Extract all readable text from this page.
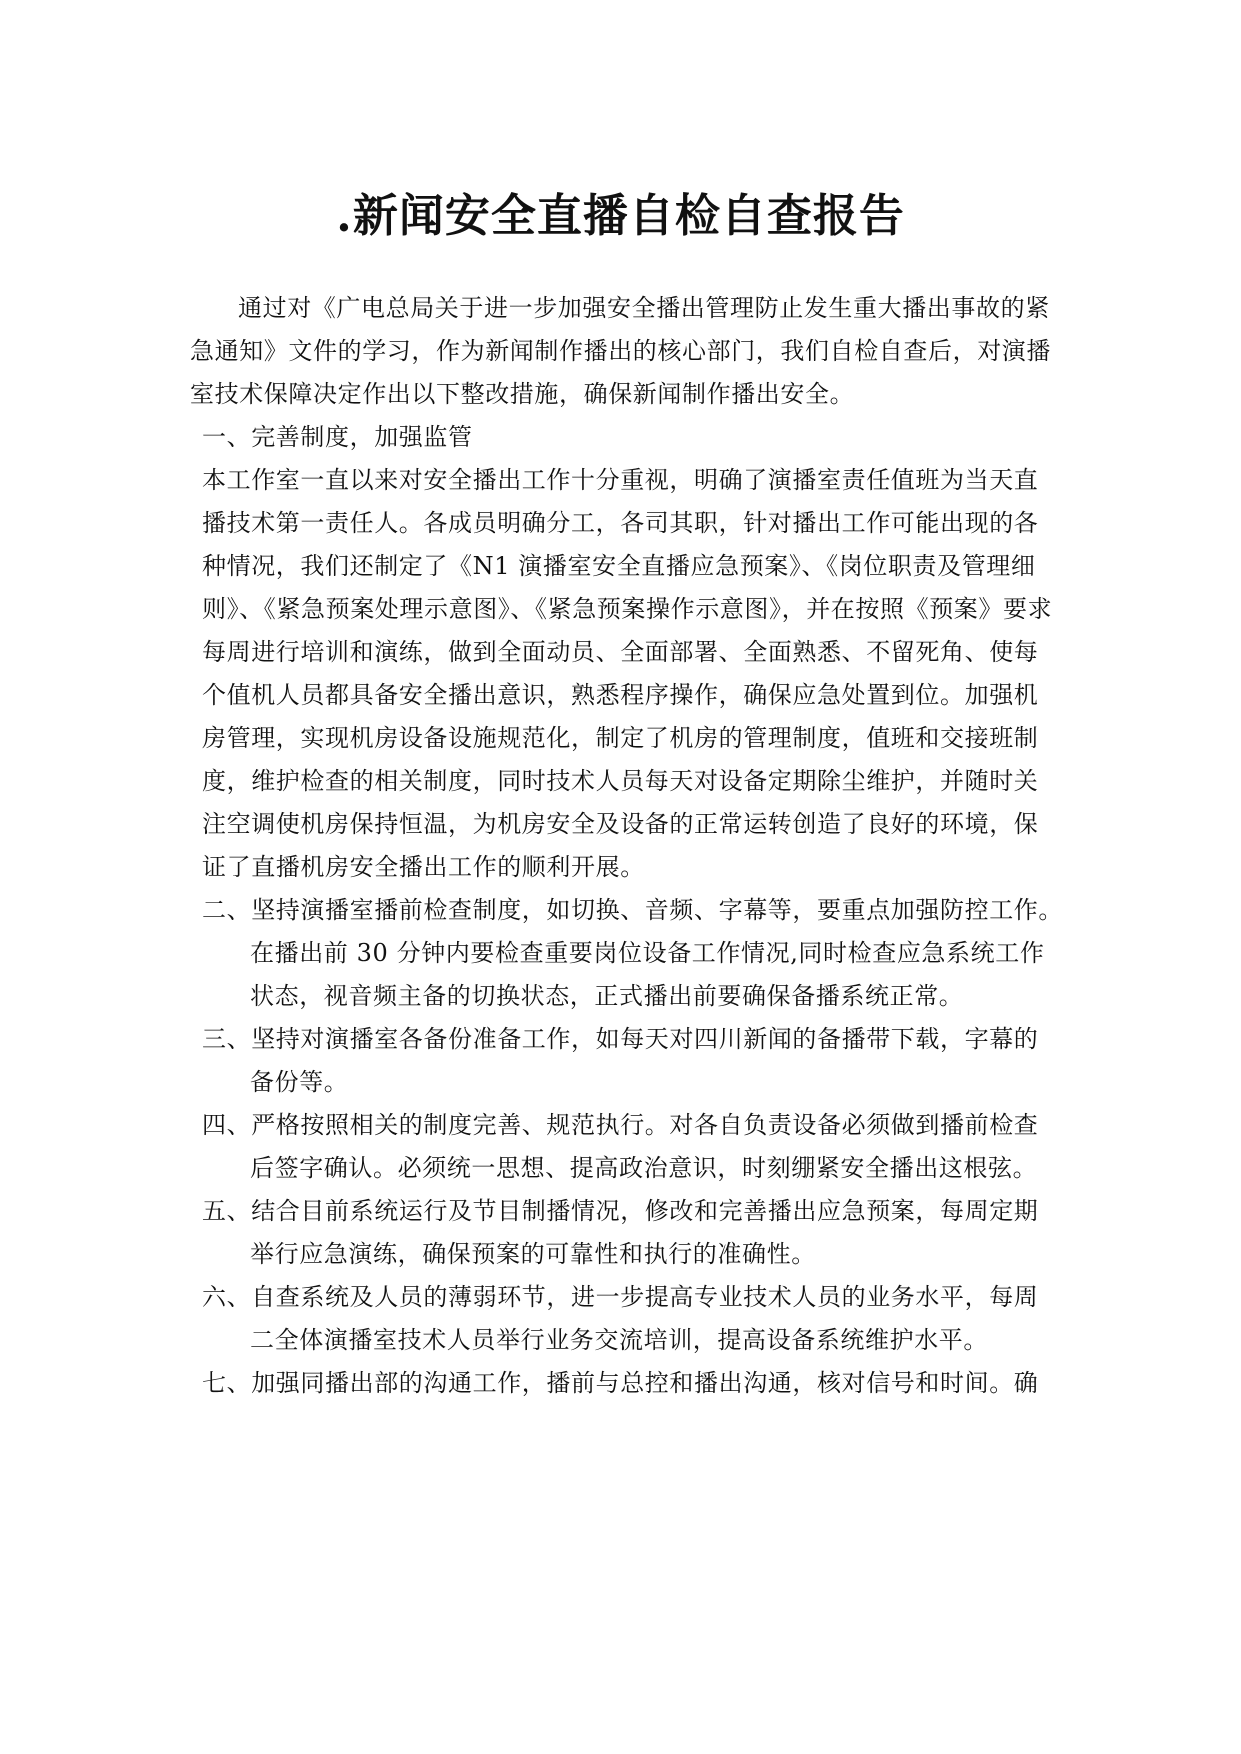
.新闻安全直播自检自查报告
通过对《广电总局关于进一步加强安全播出管理防止发生重大播出事故的紧
急通知》文件的学习，作为新闻制作播出的核心部门，我们自检自查后，对演播
室技术保障决定作出以下整改措施，确保新闻制作播出安全。
一、完善制度，加强监管
本工作室一直以来对安全播出工作十分重视，明确了演播室责任值班为当天直
播技术第一责任人。各成员明确分工，各司其职，针对播出工作可能出现的各
种情况，我们还制定了《N1 演播室安全直播应急预案》、《岗位职责及管理细
则》、《紧急预案处理示意图》、《紧急预案操作示意图》，并在按照《预案》要求
每周进行培训和演练，做到全面动员、全面部署、全面熟悉、不留死角、使每
个值机人员都具备安全播出意识，熟悉程序操作，确保应急处置到位。加强机
房管理，实现机房设备设施规范化，制定了机房的管理制度，值班和交接班制
度，维护检查的相关制度，同时技术人员每天对设备定期除尘维护，并随时关
注空调使机房保持恒温，为机房安全及设备的正常运转创造了良好的环境，保
证了直播机房安全播出工作的顺利开展。
二、坚持演播室播前检查制度，如切换、音频、字幕等，要重点加强防控工作。
在播出前 30 分钟内要检查重要岗位设备工作情况,同时检查应急系统工作
状态，视音频主备的切换状态，正式播出前要确保备播系统正常。
三、坚持对演播室各备份准备工作，如每天对四川新闻的备播带下载，字幕的
备份等。
四、严格按照相关的制度完善、规范执行。对各自负责设备必须做到播前检查
后签字确认。必须统一思想、提高政治意识，时刻绷紧安全播出这根弦。
五、结合目前系统运行及节目制播情况，修改和完善播出应急预案，每周定期
举行应急演练，确保预案的可靠性和执行的准确性。
六、自查系统及人员的薄弱环节，进一步提高专业技术人员的业务水平，每周
二全体演播室技术人员举行业务交流培训，提高设备系统维护水平。
七、加强同播出部的沟通工作，播前与总控和播出沟通，核对信号和时间。确
